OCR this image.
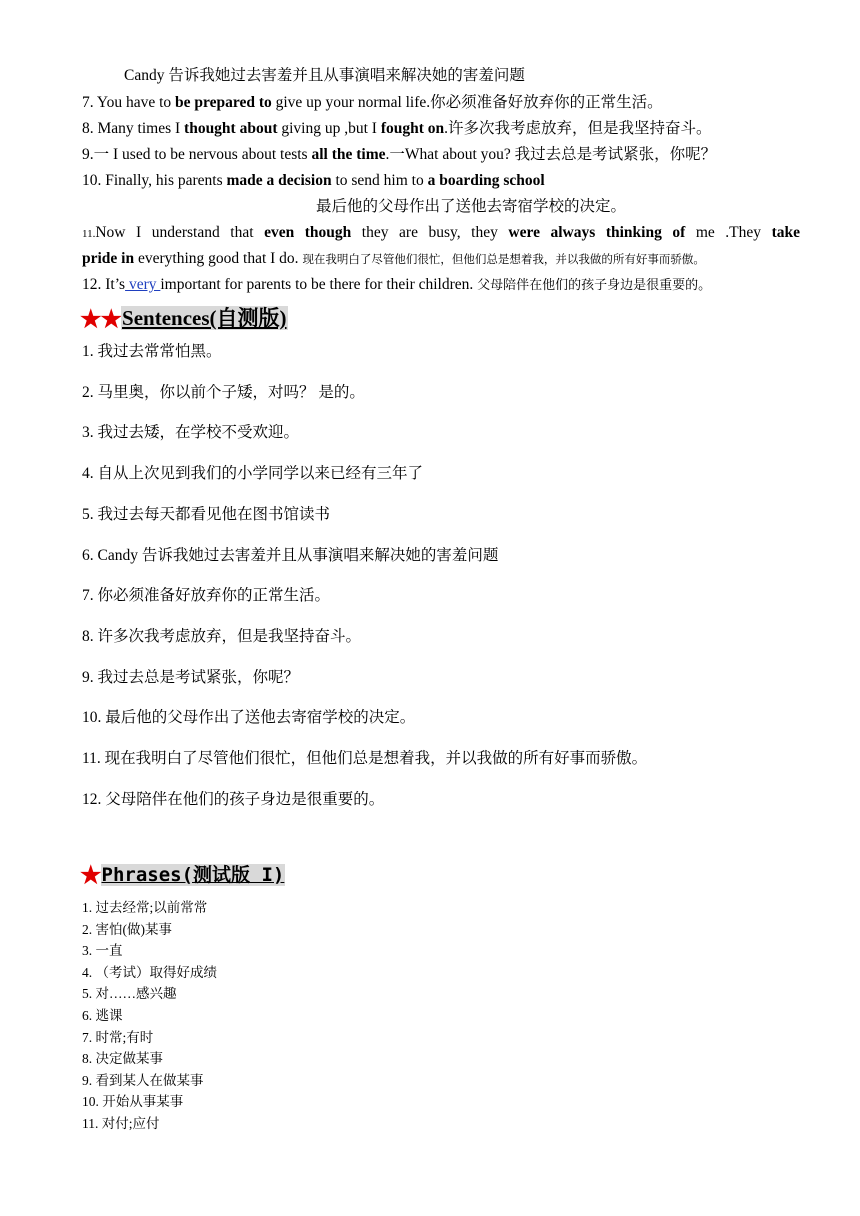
Candy 告诉我她过去害羞并且从事演唱来解决她的害羞问题
7. You have to be prepared to give up your normal life.你必须准备好放弃你的正常生活。
8. Many times I thought about giving up ,but I fought on.许多次我考虑放弃，但是我坚持奋斗。
9.一 I used to be nervous about tests all the time.一What about you? 我过去总是考试紧张，你呢？
10. Finally, his parents made a decision to send him to a boarding school
最后他的父母作出了送他去寄宿学校的决定。
11.Now I understand that even though they are busy, they were always thinking of me .They take
pride in everything good that I do. 现在我明白了尽管他们很忙，但他们总是想着我，并以我做的所有好事而骄傲。
12. It’s very important for parents to be there for their children. 父母陪伴在他们的孩子身边是很重要的。
★★Sentences(自测版)
1. 我过去常常怕黑。
2. 马里奥，你以前个子矮，对吗？ 是的。
3. 我过去矮，在学校不受欢迎。
4. 自从上次见到我们的小学同学以来已经有三年了
5. 我过去每天都看见他在图书馆读书
6. Candy 告诉我她过去害羞并且从事演唱来解决她的害羞问题
7. 你必须准备好放弃你的正常生活。
8. 许多次我考虑放弃，但是我坚持奋斗。
9. 我过去总是考试紧张，你呢？
10. 最后他的父母作出了送他去寄宿学校的决定。
11. 现在我明白了尽管他们很忙，但他们总是想着我，并以我做的所有好事而骄傲。
12. 父母陪伴在他们的孩子身边是很重要的。
★Phrases(测试版 I)
1. 过去经常;以前常常
2. 害怕(做)某事
3. 一直
4. （考试）取得好成绩
5. 对……感兴趣
6. 逃课
7. 时常;有时
8. 决定做某事
9. 看到某人在做某事
10. 开始从事某事
11. 对付;应付
